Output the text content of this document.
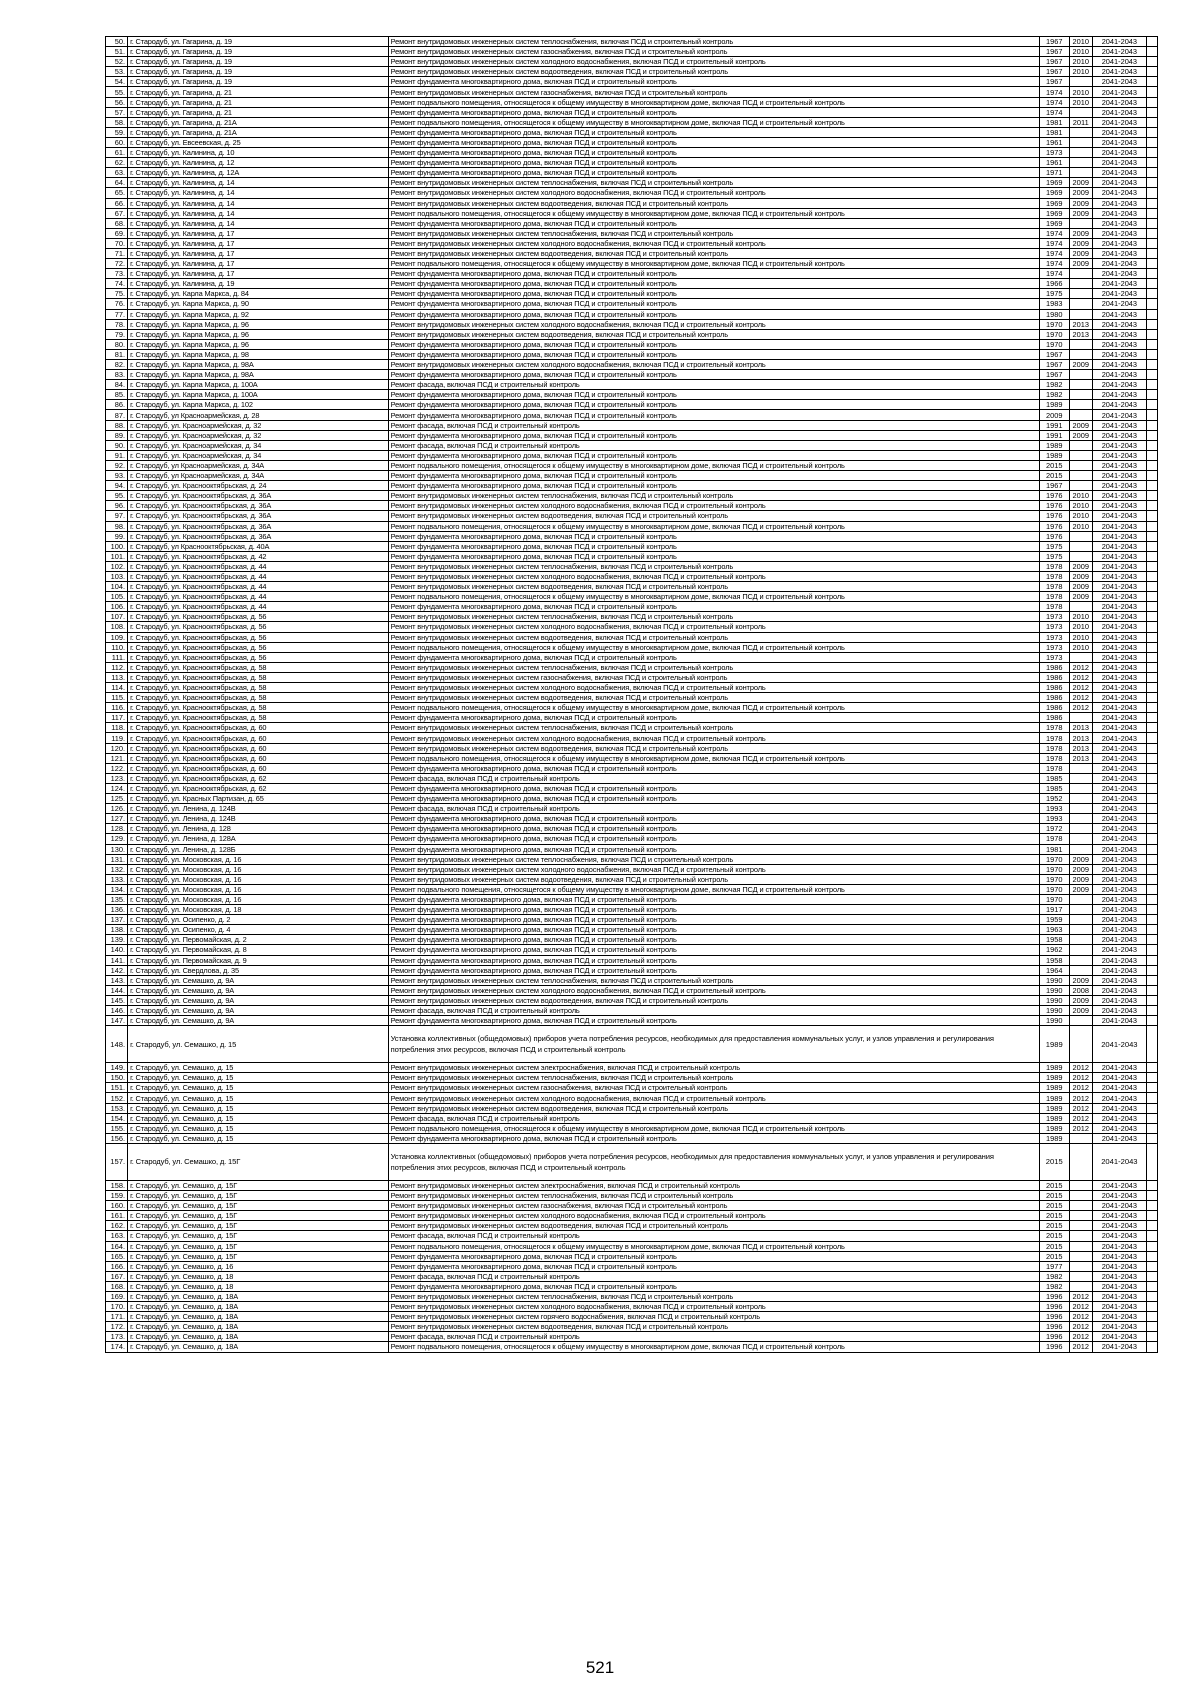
50.	г. Стародуб, ул. Гагарина, д. 19	Ремонт внутридомовых инженерных систем теплоснабжения, включая ПСД и строительный контроль	1967	2010	2041-2043	
51.	г. Стародуб, ул. Гагарина, д. 19	Ремонт внутридомовых инженерных систем газоснабжения, включая ПСД и строительный контроль	1967	2010	2041-2043	
52.	г. Стародуб, ул. Гагарина, д. 19	Ремонт внутридомовых инженерных систем холодного водоснабжения, включая ПСД и строительный контроль	1967	2010	2041-2043	
53.	г. Стародуб, ул. Гагарина, д. 19	Ремонт внутридомовых инженерных систем водоотведения, включая ПСД и строительный контроль	1967	2010	2041-2043	
54.	г. Стародуб, ул. Гагарина, д. 19	Ремонт фундамента многоквартирного дома, включая ПСД и строительный контроль	1967		2041-2043	
55.	г. Стародуб, ул. Гагарина, д. 21	Ремонт внутридомовых инженерных систем газоснабжения, включая ПСД и строительный контроль	1974	2010	2041-2043	
56.	г. Стародуб, ул. Гагарина, д. 21	Ремонт подвального помещения, относящегося к общему имуществу в многоквартирном доме, включая ПСД и строительный контроль	1974	2010	2041-2043	
57.	г. Стародуб, ул. Гагарина, д. 21	Ремонт фундамента многоквартирного дома, включая ПСД и строительный контроль	1974		2041-2043	
58.	г. Стародуб, ул. Гагарина, д. 21А	Ремонт подвального помещения, относящегося к общему имуществу в многоквартирном доме, включая ПСД и строительный контроль	1981	2011	2041-2043	
59.	г. Стародуб, ул. Гагарина, д. 21А	Ремонт фундамента многоквартирного дома, включая ПСД и строительный контроль	1981		2041-2043	
60.	г. Стародуб, ул. Евсеевская, д. 25	Ремонт фундамента многоквартирного дома, включая ПСД и строительный контроль	1961		2041-2043	
61.	г. Стародуб, ул. Калинина, д. 10	Ремонт фундамента многоквартирного дома, включая ПСД и строительный контроль	1973		2041-2043	
62.	г. Стародуб, ул. Калинина, д. 12	Ремонт фундамента многоквартирного дома, включая ПСД и строительный контроль	1961		2041-2043	
63.	г. Стародуб, ул. Калинина, д. 12А	Ремонт фундамента многоквартирного дома, включая ПСД и строительный контроль	1971		2041-2043	
64.	г. Стародуб, ул. Калинина, д. 14	Ремонт внутридомовых инженерных систем теплоснабжения, включая ПСД и строительный контроль	1969	2009	2041-2043	
65.	г. Стародуб, ул. Калинина, д. 14	Ремонт внутридомовых инженерных систем холодного водоснабжения, включая ПСД и строительный контроль	1969	2009	2041-2043	
66.	г. Стародуб, ул. Калинина, д. 14	Ремонт внутридомовых инженерных систем водоотведения, включая ПСД и строительный контроль	1969	2009	2041-2043	
67.	г. Стародуб, ул. Калинина, д. 14	Ремонт подвального помещения, относящегося к общему имуществу в многоквартирном доме, включая ПСД и строительный контроль	1969	2009	2041-2043	
68.	г. Стародуб, ул. Калинина, д. 14	Ремонт фундамента многоквартирного дома, включая ПСД и строительный контроль	1969		2041-2043	
69.	г. Стародуб, ул. Калинина, д. 17	Ремонт внутридомовых инженерных систем теплоснабжения, включая ПСД и строительный контроль	1974	2009	2041-2043	
70.	г. Стародуб, ул. Калинина, д. 17	Ремонт внутридомовых инженерных систем холодного водоснабжения, включая ПСД и строительный контроль	1974	2009	2041-2043	
71.	г. Стародуб, ул. Калинина, д. 17	Ремонт внутридомовых инженерных систем водоотведения, включая ПСД и строительный контроль	1974	2009	2041-2043	
72.	г. Стародуб, ул. Калинина, д. 17	Ремонт подвального помещения, относящегося к общему имуществу в многоквартирном доме, включая ПСД и строительный контроль	1974	2009	2041-2043	
73.	г. Стародуб, ул. Калинина, д. 17	Ремонт фундамента многоквартирного дома, включая ПСД и строительный контроль	1974		2041-2043	
74.	г. Стародуб, ул. Калинина, д. 19	Ремонт фундамента многоквартирного дома, включая ПСД и строительный контроль	1966		2041-2043	
75.	г. Стародуб, ул. Карла Маркса, д. 84	Ремонт фундамента многоквартирного дома, включая ПСД и строительный контроль	1975		2041-2043	
76.	г. Стародуб, ул. Карла Маркса, д. 90	Ремонт фундамента многоквартирного дома, включая ПСД и строительный контроль	1983		2041-2043	
77.	г. Стародуб, ул. Карла Маркса, д. 92	Ремонт фундамента многоквартирного дома, включая ПСД и строительный контроль	1980		2041-2043	
78.	г. Стародуб, ул. Карла Маркса, д. 96	Ремонт внутридомовых инженерных систем холодного водоснабжения, включая ПСД и строительный контроль	1970	2013	2041-2043	
79.	г. Стародуб, ул. Карла Маркса, д. 96	Ремонт внутридомовых инженерных систем водоотведения, включая ПСД и строительный контроль	1970	2013	2041-2043	
80.	г. Стародуб, ул. Карла Маркса, д. 96	Ремонт фундамента многоквартирного дома, включая ПСД и строительный контроль	1970		2041-2043	
81.	г. Стародуб, ул. Карла Маркса, д. 98	Ремонт фундамента многоквартирного дома, включая ПСД и строительный контроль	1967		2041-2043	
82.	г. Стародуб, ул. Карла Маркса, д. 98А	Ремонт внутридомовых инженерных систем холодного водоснабжения, включая ПСД и строительный контроль	1967	2009	2041-2043	
83.	г. Стародуб, ул. Карла Маркса, д. 98А	Ремонт фундамента многоквартирного дома, включая ПСД и строительный контроль	1967		2041-2043	
84.	г. Стародуб, ул. Карла Маркса, д. 100А	Ремонт фасада, включая ПСД и строительный контроль	1982		2041-2043	
85.	г. Стародуб, ул. Карла Маркса, д. 100А	Ремонт фундамента многоквартирного дома, включая ПСД и строительный контроль	1982		2041-2043	
86.	г. Стародуб, ул. Карла Маркса, д. 102	Ремонт фундамента многоквартирного дома, включая ПСД и строительный контроль	1989		2041-2043	
87.	г. Стародуб, ул Красноармейская, д. 28	Ремонт фундамента многоквартирного дома, включая ПСД и строительный контроль	2009		2041-2043	
88.	г. Стародуб, ул. Красноармейская, д. 32	Ремонт фасада, включая ПСД и строительный контроль	1991	2009	2041-2043	
89.	г. Стародуб, ул. Красноармейская, д. 32	Ремонт фундамента многоквартирного дома, включая ПСД и строительный контроль	1991	2009	2041-2043	
90.	г. Стародуб, ул. Красноармейская, д. 34	Ремонт фасада, включая ПСД и строительный контроль	1989		2041-2043	
91.	г. Стародуб, ул. Красноармейская, д. 34	Ремонт фундамента многоквартирного дома, включая ПСД и строительный контроль	1989		2041-2043	
92.	г. Стародуб, ул Красноармейская, д. 34А	Ремонт подвального помещения, относящегося к общему имуществу в многоквартирном доме, включая ПСД и строительный контроль	2015		2041-2043	
93.	г. Стародуб, ул Красноармейская, д. 34А	Ремонт фундамента многоквартирного дома, включая ПСД и строительный контроль	2015		2041-2043	
94.	г. Стародуб, ул. Краснооктябрьская, д. 24	Ремонт фундамента многоквартирного дома, включая ПСД и строительный контроль	1967		2041-2043	
95.	г. Стародуб, ул. Краснооктябрьская, д. 36А	Ремонт внутридомовых инженерных систем теплоснабжения, включая ПСД и строительный контроль	1976	2010	2041-2043	
96.	г. Стародуб, ул. Краснооктябрьская, д. 36А	Ремонт внутридомовых инженерных систем холодного водоснабжения, включая ПСД и строительный контроль	1976	2010	2041-2043	
97.	г. Стародуб, ул. Краснооктябрьская, д. 36А	Ремонт внутридомовых инженерных систем водоотведения, включая ПСД и строительный контроль	1976	2010	2041-2043	
98.	г. Стародуб, ул. Краснооктябрьская, д. 36А	Ремонт подвального помещения, относящегося к общему имуществу в многоквартирном доме, включая ПСД и строительный контроль	1976	2010	2041-2043	
99.	г. Стародуб, ул. Краснооктябрьская, д. 36А	Ремонт фундамента многоквартирного дома, включая ПСД и строительный контроль	1976		2041-2043	
100.	г. Стародуб, ул Краснооктябрьская, д. 40А	Ремонт фундамента многоквартирного дома, включая ПСД и строительный контроль	1975		2041-2043	
101.	г. Стародуб, ул. Краснооктябрьская, д. 42	Ремонт фундамента многоквартирного дома, включая ПСД и строительный контроль	1975		2041-2043	
102.	г. Стародуб, ул. Краснооктябрьская, д. 44	Ремонт внутридомовых инженерных систем теплоснабжения, включая ПСД и строительный контроль	1978	2009	2041-2043	
103.	г. Стародуб, ул. Краснооктябрьская, д. 44	Ремонт внутридомовых инженерных систем холодного водоснабжения, включая ПСД и строительный контроль	1978	2009	2041-2043	
104.	г. Стародуб, ул. Краснооктябрьская, д. 44	Ремонт внутридомовых инженерных систем водоотведения, включая ПСД и строительный контроль	1978	2009	2041-2043	
105.	г. Стародуб, ул. Краснооктябрьская, д. 44	Ремонт подвального помещения, относящегося к общему имуществу в многоквартирном доме, включая ПСД и строительный контроль	1978	2009	2041-2043	
106.	г. Стародуб, ул. Краснооктябрьская, д. 44	Ремонт фундамента многоквартирного дома, включая ПСД и строительный контроль	1978		2041-2043	
107.	г. Стародуб, ул. Краснооктябрьская, д. 56	Ремонт внутридомовых инженерных систем теплоснабжения, включая ПСД и строительный контроль	1973	2010	2041-2043	
108.	г. Стародуб, ул. Краснооктябрьская, д. 56	Ремонт внутридомовых инженерных систем холодного водоснабжения, включая ПСД и строительный контроль	1973	2010	2041-2043	
109.	г. Стародуб, ул. Краснооктябрьская, д. 56	Ремонт внутридомовых инженерных систем водоотведения, включая ПСД и строительный контроль	1973	2010	2041-2043	
110.	г. Стародуб, ул. Краснооктябрьская, д. 56	Ремонт подвального помещения, относящегося к общему имуществу в многоквартирном доме, включая ПСД и строительный контроль	1973	2010	2041-2043	
111.	г. Стародуб, ул. Краснооктябрьская, д. 56	Ремонт фундамента многоквартирного дома, включая ПСД и строительный контроль	1973		2041-2043	
112.	г. Стародуб, ул. Краснооктябрьская, д. 58	Ремонт внутридомовых инженерных систем теплоснабжения, включая ПСД и строительный контроль	1986	2012	2041-2043	
113.	г. Стародуб, ул. Краснооктябрьская, д. 58	Ремонт внутридомовых инженерных систем газоснабжения, включая ПСД и строительный контроль	1986	2012	2041-2043	
114.	г. Стародуб, ул. Краснооктябрьская, д. 58	Ремонт внутридомовых инженерных систем холодного водоснабжения, включая ПСД и строительный контроль	1986	2012	2041-2043	
115.	г. Стародуб, ул. Краснооктябрьская, д. 58	Ремонт внутридомовых инженерных систем водоотведения, включая ПСД и строительный контроль	1986	2012	2041-2043	
116.	г. Стародуб, ул. Краснооктябрьская, д. 58	Ремонт подвального помещения, относящегося к общему имуществу в многоквартирном доме, включая ПСД и строительный контроль	1986	2012	2041-2043	
117.	г. Стародуб, ул. Краснооктябрьская, д. 58	Ремонт фундамента многоквартирного дома, включая ПСД и строительный контроль	1986		2041-2043	
118.	г. Стародуб, ул. Краснооктябрьская, д. 60	Ремонт внутридомовых инженерных систем теплоснабжения, включая ПСД и строительный контроль	1978	2013	2041-2043	
119.	г. Стародуб, ул. Краснооктябрьская, д. 60	Ремонт внутридомовых инженерных систем холодного водоснабжения, включая ПСД и строительный контроль	1978	2013	2041-2043	
120.	г. Стародуб, ул. Краснооктябрьская, д. 60	Ремонт внутридомовых инженерных систем водоотведения, включая ПСД и строительный контроль	1978	2013	2041-2043	
121.	г. Стародуб, ул. Краснооктябрьская, д. 60	Ремонт подвального помещения, относящегося к общему имуществу в многоквартирном доме, включая ПСД и строительный контроль	1978	2013	2041-2043	
122.	г. Стародуб, ул. Краснооктябрьская, д. 60	Ремонт фундамента многоквартирного дома, включая ПСД и строительный контроль	1978		2041-2043	
123.	г. Стародуб, ул. Краснооктябрьская, д. 62	Ремонт фасада, включая ПСД и строительный контроль	1985		2041-2043	
124.	г. Стародуб, ул. Краснооктябрьская, д. 62	Ремонт фундамента многоквартирного дома, включая ПСД и строительный контроль	1985		2041-2043	
125.	г. Стародуб, ул. Красных Партизан, д. 65	Ремонт фундамента многоквартирного дома, включая ПСД и строительный контроль	1952		2041-2043	
126.	г. Стародуб, ул. Ленина, д. 124В	Ремонт фасада, включая ПСД и строительный контроль	1993		2041-2043	
127.	г. Стародуб, ул. Ленина, д. 124В	Ремонт фундамента многоквартирного дома, включая ПСД и строительный контроль	1993		2041-2043	
128.	г. Стародуб, ул. Ленина, д. 128	Ремонт фундамента многоквартирного дома, включая ПСД и строительный контроль	1972		2041-2043	
129.	г. Стародуб, ул. Ленина, д. 128А	Ремонт фундамента многоквартирного дома, включая ПСД и строительный контроль	1978		2041-2043	
130.	г. Стародуб, ул. Ленина, д. 128Б	Ремонт фундамента многоквартирного дома, включая ПСД и строительный контроль	1981		2041-2043	
131.	г. Стародуб, ул. Московская, д. 16	Ремонт внутридомовых инженерных систем теплоснабжения, включая ПСД и строительный контроль	1970	2009	2041-2043	
132.	г. Стародуб, ул. Московская, д. 16	Ремонт внутридомовых инженерных систем холодного водоснабжения, включая ПСД и строительный контроль	1970	2009	2041-2043	
133.	г. Стародуб, ул. Московская, д. 16	Ремонт внутридомовых инженерных систем водоотведения, включая ПСД и строительный контроль	1970	2009	2041-2043	
134.	г. Стародуб, ул. Московская, д. 16	Ремонт подвального помещения, относящегося к общему имуществу в многоквартирном доме, включая ПСД и строительный контроль	1970	2009	2041-2043	
135.	г. Стародуб, ул. Московская, д. 16	Ремонт фундамента многоквартирного дома, включая ПСД и строительный контроль	1970		2041-2043	
136.	г. Стародуб, ул. Московская, д. 18	Ремонт фундамента многоквартирного дома, включая ПСД и строительный контроль	1917		2041-2043	
137.	г. Стародуб, ул. Осипенко, д. 2	Ремонт фундамента многоквартирного дома, включая ПСД и строительный контроль	1959		2041-2043	
138.	г. Стародуб, ул. Осипенко, д. 4	Ремонт фундамента многоквартирного дома, включая ПСД и строительный контроль	1963		2041-2043	
139.	г. Стародуб, ул. Первомайская, д. 2	Ремонт фундамента многоквартирного дома, включая ПСД и строительный контроль	1958		2041-2043	
140.	г. Стародуб, ул. Первомайская, д. 8	Ремонт фундамента многоквартирного дома, включая ПСД и строительный контроль	1962		2041-2043	
141.	г. Стародуб, ул. Первомайская, д. 9	Ремонт фундамента многоквартирного дома, включая ПСД и строительный контроль	1958		2041-2043	
142.	г. Стародуб, ул. Свердлова, д. 35	Ремонт фундамента многоквартирного дома, включая ПСД и строительный контроль	1964		2041-2043	
143.	г. Стародуб, ул. Семашко, д. 9А	Ремонт внутридомовых инженерных систем теплоснабжения, включая ПСД и строительный контроль	1990	2009	2041-2043	
144.	г. Стародуб, ул. Семашко, д. 9А	Ремонт внутридомовых инженерных систем холодного водоснабжения, включая ПСД и строительный контроль	1990	2008	2041-2043	
145.	г. Стародуб, ул. Семашко, д. 9А	Ремонт внутридомовых инженерных систем водоотведения, включая ПСД и строительный контроль	1990	2009	2041-2043	
146.	г. Стародуб, ул. Семашко, д. 9А	Ремонт фасада, включая ПСД и строительный контроль	1990	2009	2041-2043	
147.	г. Стародуб, ул. Семашко, д. 9А	Ремонт фундамента многоквартирного дома, включая ПСД и строительный контроль	1990		2041-2043	
148.	г. Стародуб, ул. Семашко, д. 15	Установка коллективных (общедомовых) приборов учета потребления ресурсов, необходимых для предоставления коммунальных услуг, и узлов управления и регулирования потребления этих ресурсов, включая ПСД и строительный контроль	1989		2041-2043	
149.	г. Стародуб, ул. Семашко, д. 15	Ремонт внутридомовых инженерных систем электроснабжения, включая ПСД и строительный контроль	1989	2012	2041-2043	
150.	г. Стародуб, ул. Семашко, д. 15	Ремонт внутридомовых инженерных систем теплоснабжения, включая ПСД и строительный контроль	1989	2012	2041-2043	
151.	г. Стародуб, ул. Семашко, д. 15	Ремонт внутридомовых инженерных систем газоснабжения, включая ПСД и строительный контроль	1989	2012	2041-2043	
152.	г. Стародуб, ул. Семашко, д. 15	Ремонт внутридомовых инженерных систем холодного водоснабжения, включая ПСД и строительный контроль	1989	2012	2041-2043	
153.	г. Стародуб, ул. Семашко, д. 15	Ремонт внутридомовых инженерных систем водоотведения, включая ПСД и строительный контроль	1989	2012	2041-2043	
154.	г. Стародуб, ул. Семашко, д. 15	Ремонт фасада, включая ПСД и строительный контроль	1989	2012	2041-2043	
155.	г. Стародуб, ул. Семашко, д. 15	Ремонт подвального помещения, относящегося к общему имуществу в многоквартирном доме, включая ПСД и строительный контроль	1989	2012	2041-2043	
156.	г. Стародуб, ул. Семашко, д. 15	Ремонт фундамента многоквартирного дома, включая ПСД и строительный контроль	1989		2041-2043	
157.	г. Стародуб, ул. Семашко, д. 15Г	Установка коллективных (общедомовых) приборов учета потребления ресурсов, необходимых для предоставления коммунальных услуг, и узлов управления и регулирования потребления этих ресурсов, включая ПСД и строительный контроль	2015		2041-2043	
158.	г. Стародуб, ул. Семашко, д. 15Г	Ремонт внутридомовых инженерных систем электроснабжения, включая ПСД и строительный контроль	2015		2041-2043	
159.	г. Стародуб, ул. Семашко, д. 15Г	Ремонт внутридомовых инженерных систем теплоснабжения, включая ПСД и строительный контроль	2015		2041-2043	
160.	г. Стародуб, ул. Семашко, д. 15Г	Ремонт внутридомовых инженерных систем газоснабжения, включая ПСД и строительный контроль	2015		2041-2043	
161.	г. Стародуб, ул. Семашко, д. 15Г	Ремонт внутридомовых инженерных систем холодного водоснабжения, включая ПСД и строительный контроль	2015		2041-2043	
162.	г. Стародуб, ул. Семашко, д. 15Г	Ремонт внутридомовых инженерных систем водоотведения, включая ПСД и строительный контроль	2015		2041-2043	
163.	г. Стародуб, ул. Семашко, д. 15Г	Ремонт фасада, включая ПСД и строительный контроль	2015		2041-2043	
164.	г. Стародуб, ул. Семашко, д. 15Г	Ремонт подвального помещения, относящегося к общему имуществу в многоквартирном доме, включая ПСД и строительный контроль	2015		2041-2043	
165.	г. Стародуб, ул. Семашко, д. 15Г	Ремонт фундамента многоквартирного дома, включая ПСД и строительный контроль	2015		2041-2043	
166.	г. Стародуб, ул. Семашко, д. 16	Ремонт фундамента многоквартирного дома, включая ПСД и строительный контроль	1977		2041-2043	
167.	г. Стародуб, ул. Семашко, д. 18	Ремонт фасада, включая ПСД и строительный контроль	1982		2041-2043	
168.	г. Стародуб, ул. Семашко, д. 18	Ремонт фундамента многоквартирного дома, включая ПСД и строительный контроль	1982		2041-2043	
169.	г. Стародуб, ул. Семашко, д. 18А	Ремонт внутридомовых инженерных систем теплоснабжения, включая ПСД и строительный контроль	1996	2012	2041-2043	
170.	г. Стародуб, ул. Семашко, д. 18А	Ремонт внутридомовых инженерных систем холодного водоснабжения, включая ПСД и строительный контроль	1996	2012	2041-2043	
171.	г. Стародуб, ул. Семашко, д. 18А	Ремонт внутридомовых инженерных систем горячего водоснабжения, включая ПСД и строительный контроль	1996	2012	2041-2043	
172.	г. Стародуб, ул. Семашко, д. 18А	Ремонт внутридомовых инженерных систем водоотведения, включая ПСД и строительный контроль	1996	2012	2041-2043	
173.	г. Стародуб, ул. Семашко, д. 18А	Ремонт фасада, включая ПСД и строительный контроль	1996	2012	2041-2043	
174.	г. Стародуб, ул. Семашко, д. 18А	Ремонт подвального помещения, относящегося к общему имуществу в многоквартирном доме, включая ПСД и строительный контроль	1996	2012	2041-2043	
521
